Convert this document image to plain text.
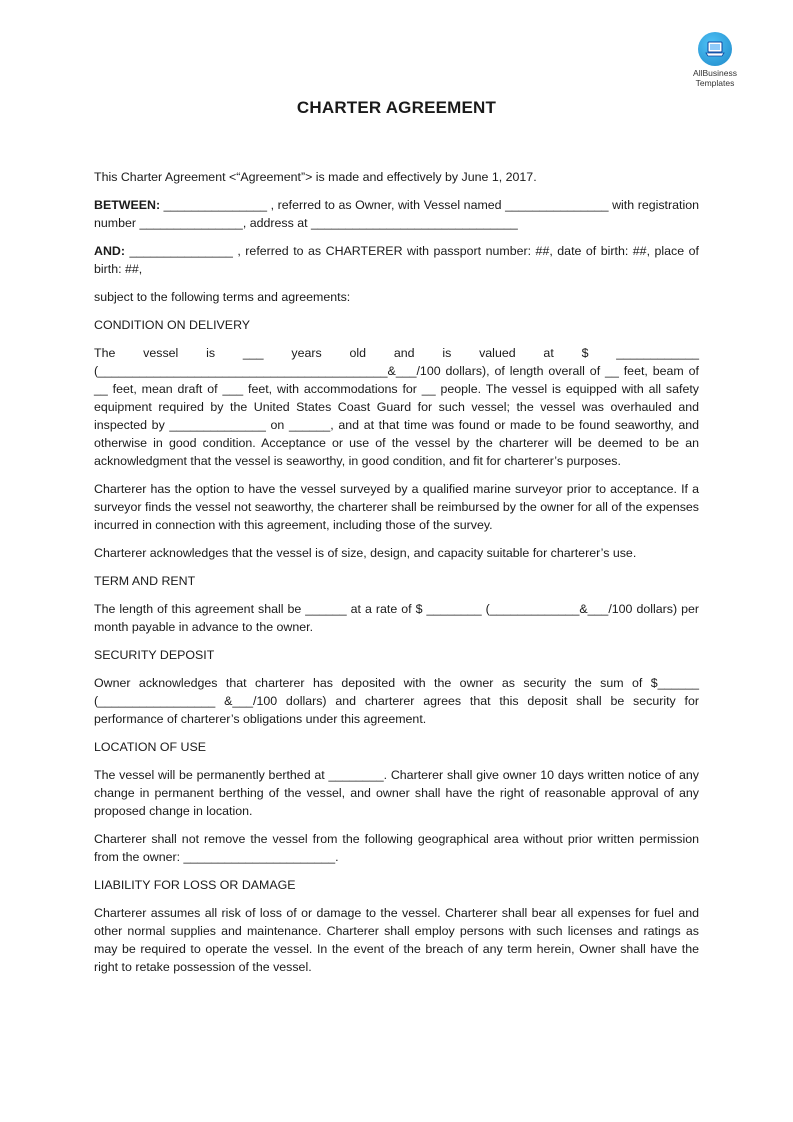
AllBusiness
Templates
CHARTER AGREEMENT

This Charter Agreement <“Agreement”> is made and effectively by June 1, 2017.

BETWEEN: _______________ , referred to as Owner, with Vessel named _______________ with registration number _______________, address at ______________________________

AND: _______________ , referred to as CHARTERER with passport number: ##, date of birth: ##, place of birth: ##,

subject to the following terms and agreements:

CONDITION ON DELIVERY

The vessel is ___ years old and is valued at $ ____________ (__________________________________________&___/100 dollars), of length overall of __ feet, beam of __ feet, mean draft of ___ feet, with accommodations for __ people. The vessel is equipped with all safety equipment required by the United States Coast Guard for such vessel; the vessel was overhauled and inspected by ______________ on ______, and at that time was found or made to be found seaworthy, and otherwise in good condition. Acceptance or use of the vessel by the charterer will be deemed to be an acknowledgment that the vessel is seaworthy, in good condition, and fit for charterer’s purposes.

Charterer has the option to have the vessel surveyed by a qualified marine surveyor prior to acceptance. If a surveyor finds the vessel not seaworthy, the charterer shall be reimbursed by the owner for all of the expenses incurred in connection with this agreement, including those of the survey.

Charterer acknowledges that the vessel is of size, design, and capacity suitable for charterer’s use.

TERM AND RENT

The length of this agreement shall be ______ at a rate of $ ________ (_____________&___/100 dollars) per month payable in advance to the owner.

SECURITY DEPOSIT

Owner acknowledges that charterer has deposited with the owner as security the sum of $______ (_________________ &___/100 dollars) and charterer agrees that this deposit shall be security for performance of charterer’s obligations under this agreement.

LOCATION OF USE

The vessel will be permanently berthed at ________. Charterer shall give owner 10 days written notice of any change in permanent berthing of the vessel, and owner shall have the right of reasonable approval of any proposed change in location.

Charterer shall not remove the vessel from the following geographical area without prior written permission from the owner: ______________________.

LIABILITY FOR LOSS OR DAMAGE

Charterer assumes all risk of loss of or damage to the vessel. Charterer shall bear all expenses for fuel and other normal supplies and maintenance. Charterer shall employ persons with such licenses and ratings as may be required to operate the vessel. In the event of the breach of any term herein, Owner shall have the right to retake possession of the vessel.
